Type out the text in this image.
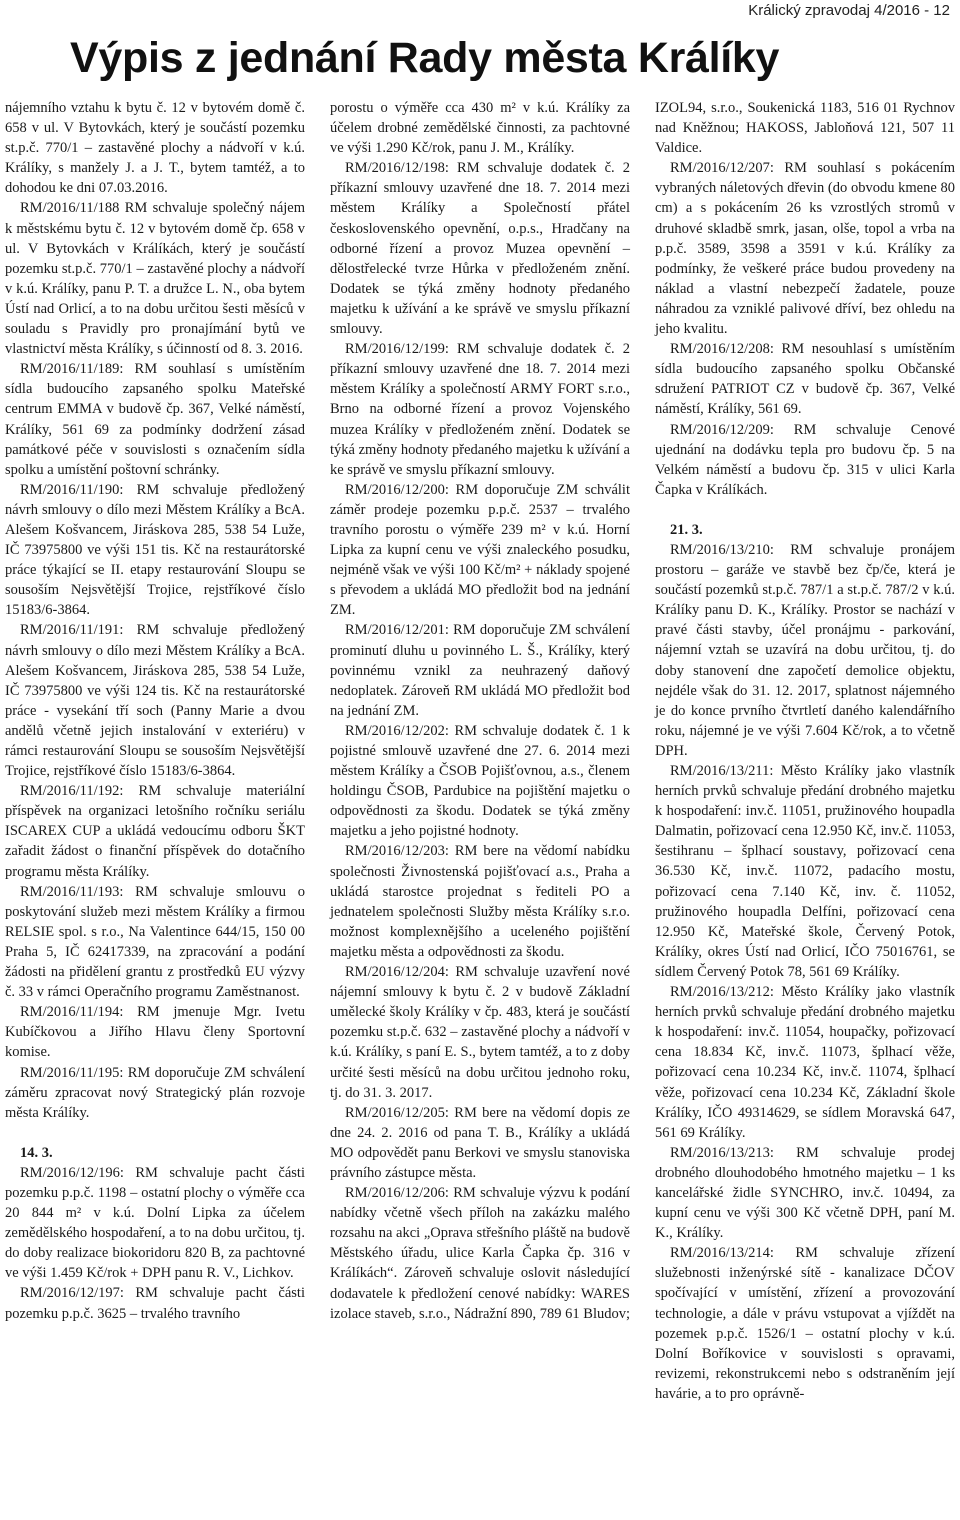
Králický zpravodaj 4/2016 - 12
Výpis z jednání Rady města Králíky

nájemního vztahu k bytu č. 12 v bytovém domě č. 658 v ul. V Bytovkách, který je součástí pozemku st.p.č. 770/1 – zastavěné plochy a nádvoří v k.ú. Králíky, s manžely J. a J. T., bytem tamtéž, a to dohodou ke dni 07.03.2016.

RM/2016/11/188 RM schvaluje společný nájem k městskému bytu č. 12 v bytovém domě čp. 658 v ul. V Bytovkách v Králíkách, který je součástí pozemku st.p.č. 770/1 – zastavěné plochy a nádvoří v k.ú. Králíky, panu P. T. a družce L. N., oba bytem Ústí nad Orlicí, a to na dobu určitou šesti měsíců v souladu s Pravidly pro pronajímání bytů ve vlastnictví města Králíky, s účinností od 8. 3. 2016.

RM/2016/11/189: RM souhlasí s umístěním sídla budoucího zapsaného spolku Mateřské centrum EMMA v budově čp. 367, Velké náměstí, Králíky, 561 69 za podmínky dodržení zásad památkové péče v souvislosti s označením sídla spolku a umístění poštovní schránky.

RM/2016/11/190: RM schvaluje předložený návrh smlouvy o dílo mezi Městem Králíky a BcA. Alešem Košvancem, Jiráskova 285, 538 54 Luže, IČ 73975800 ve výši 151 tis. Kč na restaurátorské práce týkající se II. etapy restaurování Sloupu se sousoším Nejsvětější Trojice, rejstříkové číslo 15183/6-3864.

RM/2016/11/191: RM schvaluje předložený návrh smlouvy o dílo mezi Městem Králíky a BcA. Alešem Košvancem, Jiráskova 285, 538 54 Luže, IČ 73975800 ve výši 124 tis. Kč na restaurátorské práce - vysekání tří soch (Panny Marie a dvou andělů včetně jejich instalování v exteriéru) v rámci restaurování Sloupu se sousoším Nejsvětější Trojice, rejstříkové číslo 15183/6-3864.

RM/2016/11/192: RM schvaluje materiální příspěvek na organizaci letošního ročníku seriálu ISCAREX CUP a ukládá vedoucímu odboru ŠKT zařadit žádost o finanční příspěvek do dotačního programu města Králíky.

RM/2016/11/193: RM schvaluje smlouvu o poskytování služeb mezi městem Králíky a firmou RELSIE spol. s r.o., Na Valentince 644/15, 150 00 Praha 5, IČ 62417339, na zpracování a podání žádosti na přidělení grantu z prostředků EU výzvy č. 33 v rámci Operačního programu Zaměstnanost.

RM/2016/11/194: RM jmenuje Mgr. Ivetu Kubíčkovou a Jiřího Hlavu členy Sportovní komise.

RM/2016/11/195: RM doporučuje ZM schválení záměru zpracovat nový Strategický plán rozvoje města Králíky.

14. 3.

RM/2016/12/196: RM schvaluje pacht části pozemku p.p.č. 1198 – ostatní plochy o výměře cca 20 844 m² v k.ú. Dolní Lipka za účelem zemědělského hospodaření, a to na dobu určitou, tj. do doby realizace biokoridoru 820 B, za pachtovné ve výši 1.459 Kč/rok + DPH panu R. V., Lichkov.

RM/2016/12/197: RM schvaluje pacht části pozemku p.p.č. 3625 – trvalého travního

porostu o výměře cca 430 m² v k.ú. Králíky za účelem drobné zemědělské činnosti, za pachtovné ve výši 1.290 Kč/rok, panu J. M., Králíky.

RM/2016/12/198: RM schvaluje dodatek č. 2 příkazní smlouvy uzavřené dne 18. 7. 2014 mezi městem Králíky a Společností přátel československého opevnění, o.p.s., Hradčany na odborné řízení a provoz Muzea opevnění – dělostřelecké tvrze Hůrka v předloženém znění. Dodatek se týká změny hodnoty předaného majetku k užívání a ke správě ve smyslu příkazní smlouvy.

RM/2016/12/199: RM schvaluje dodatek č. 2 příkazní smlouvy uzavřené dne 18. 7. 2014 mezi městem Králíky a společností ARMY FORT s.r.o., Brno na odborné řízení a provoz Vojenského muzea Králíky v předloženém znění. Dodatek se týká změny hodnoty předaného majetku k užívání a ke správě ve smyslu příkazní smlouvy.

RM/2016/12/200: RM doporučuje ZM schválit záměr prodeje pozemku p.p.č. 2537 – trvalého travního porostu o výměře 239 m² v k.ú. Horní Lipka za kupní cenu ve výši znaleckého posudku, nejméně však ve výši 100 Kč/m² + náklady spojené s převodem a ukládá MO předložit bod na jednání ZM.

RM/2016/12/201: RM doporučuje ZM schválení prominutí dluhu u povinného L. Š., Králíky, který povinnému vznikl za neuhrazený daňový nedoplatek. Zároveň RM ukládá MO předložit bod na jednání ZM.

RM/2016/12/202: RM schvaluje dodatek č. 1 k pojistné smlouvě uzavřené dne 27. 6. 2014 mezi městem Králíky a ČSOB Pojišťovnou, a.s., členem holdingu ČSOB, Pardubice na pojištění majetku o odpovědnosti za škodu. Dodatek se týká změny majetku a jeho pojistné hodnoty.

RM/2016/12/203: RM bere na vědomí nabídku společnosti Živnostenská pojišťovací a.s., Praha a ukládá starostce projednat s řediteli PO a jednatelem společnosti Služby města Králíky s.r.o. možnost komplexnějšího a uceleného pojištění majetku města a odpovědnosti za škodu.

RM/2016/12/204: RM schvaluje uzavření nové nájemní smlouvy k bytu č. 2 v budově Základní umělecké školy Králíky v čp. 483, která je součástí pozemku st.p.č. 632 – zastavěné plochy a nádvoří v k.ú. Králíky, s paní E. S., bytem tamtéž, a to z doby určité šesti měsíců na dobu určitou jednoho roku, tj. do 31. 3. 2017.

RM/2016/12/205: RM bere na vědomí dopis ze dne 24. 2. 2016 od pana T. B., Králíky a ukládá MO odpovědět panu Berkovi ve smyslu stanoviska právního zástupce města.

RM/2016/12/206: RM schvaluje výzvu k podání nabídky včetně všech příloh na zakázku malého rozsahu na akci „Oprava střešního pláště na budově Městského úřadu, ulice Karla Čapka čp. 316 v Králíkách“. Zároveň schvaluje oslovit následující dodavatele k předložení cenové nabídky: WARES izolace staveb, s.r.o., Nádražní 890, 789 61 Bludov;

IZOL94, s.r.o., Soukenická 1183, 516 01 Rychnov nad Kněžnou; HAKOSS, Jabloňová 121, 507 11 Valdice.

RM/2016/12/207: RM souhlasí s pokácením vybraných náletových dřevin (do obvodu kmene 80 cm) a s pokácením 26 ks vzrostlých stromů v druhové skladbě smrk, jasan, olše, topol a vrba na p.p.č. 3589, 3598 a 3591 v k.ú. Králíky za podmínky, že veškeré práce budou provedeny na náklad a vlastní nebezpečí žadatele, pouze náhradou za vzniklé palivové dříví, bez ohledu na jeho kvalitu.

RM/2016/12/208: RM nesouhlasí s umístěním sídla budoucího zapsaného spolku Občanské sdružení PATRIOT CZ v budově čp. 367, Velké náměstí, Králíky, 561 69.

RM/2016/12/209: RM schvaluje Cenové ujednání na dodávku tepla pro budovu čp. 5 na Velkém náměstí a budovu čp. 315 v ulici Karla Čapka v Králíkách.

21. 3.

RM/2016/13/210: RM schvaluje pronájem prostoru – garáže ve stavbě bez čp/če, která je součástí pozemků st.p.č. 787/1 a st.p.č. 787/2 v k.ú. Králíky panu D. K., Králíky. Prostor se nachází v pravé části stavby, účel pronájmu - parkování, nájemní vztah se uzavírá na dobu určitou, tj. do doby stanovení dne započetí demolice objektu, nejdéle však do 31. 12. 2017, splatnost nájemného je do konce prvního čtvrtletí daného kalendářního roku, nájemné je ve výši 7.604 Kč/rok, a to včetně DPH.

RM/2016/13/211: Město Králíky jako vlastník herních prvků schvaluje předání drobného majetku k hospodaření: inv.č. 11051, pružinového houpadla Dalmatin, pořizovací cena 12.950 Kč, inv.č. 11053, šestihranu – šplhací soustavy, pořizovací cena 36.530 Kč, inv.č. 11072, padacího mostu, pořizovací cena 7.140 Kč, inv. č. 11052, pružinového houpadla Delfíni, pořizovací cena 12.950 Kč, Mateřské škole, Červený Potok, Králíky, okres Ústí nad Orlicí, IČO 75016761, se sídlem Červený Potok 78, 561 69 Králíky.

RM/2016/13/212: Město Králíky jako vlastník herních prvků schvaluje předání drobného majetku k hospodaření: inv.č. 11054, houpačky, pořizovací cena 18.834 Kč, inv.č. 11073, šplhací věže, pořizovací cena 10.234 Kč, inv.č. 11074, šplhací věže, pořizovací cena 10.234 Kč, Základní škole Králíky, IČO 49314629, se sídlem Moravská 647, 561 69 Králíky.

RM/2016/13/213: RM schvaluje prodej drobného dlouhodobého hmotného majetku – 1 ks kancelářské židle SYNCHRO, inv.č. 10494, za kupní cenu ve výši 300 Kč včetně DPH, paní M. K., Králíky.

RM/2016/13/214: RM schvaluje zřízení služebnosti inženýrské sítě - kanalizace DČOV spočívající v umístění, zřízení a provozování technologie, a dále v právu vstupovat a vjíždět na pozemek p.p.č. 1526/1 – ostatní plochy v k.ú. Dolní Boříkovice v souvislosti s opravami, revizemi, rekonstrukcemi nebo s odstraněním její havárie, a to pro oprávně-
